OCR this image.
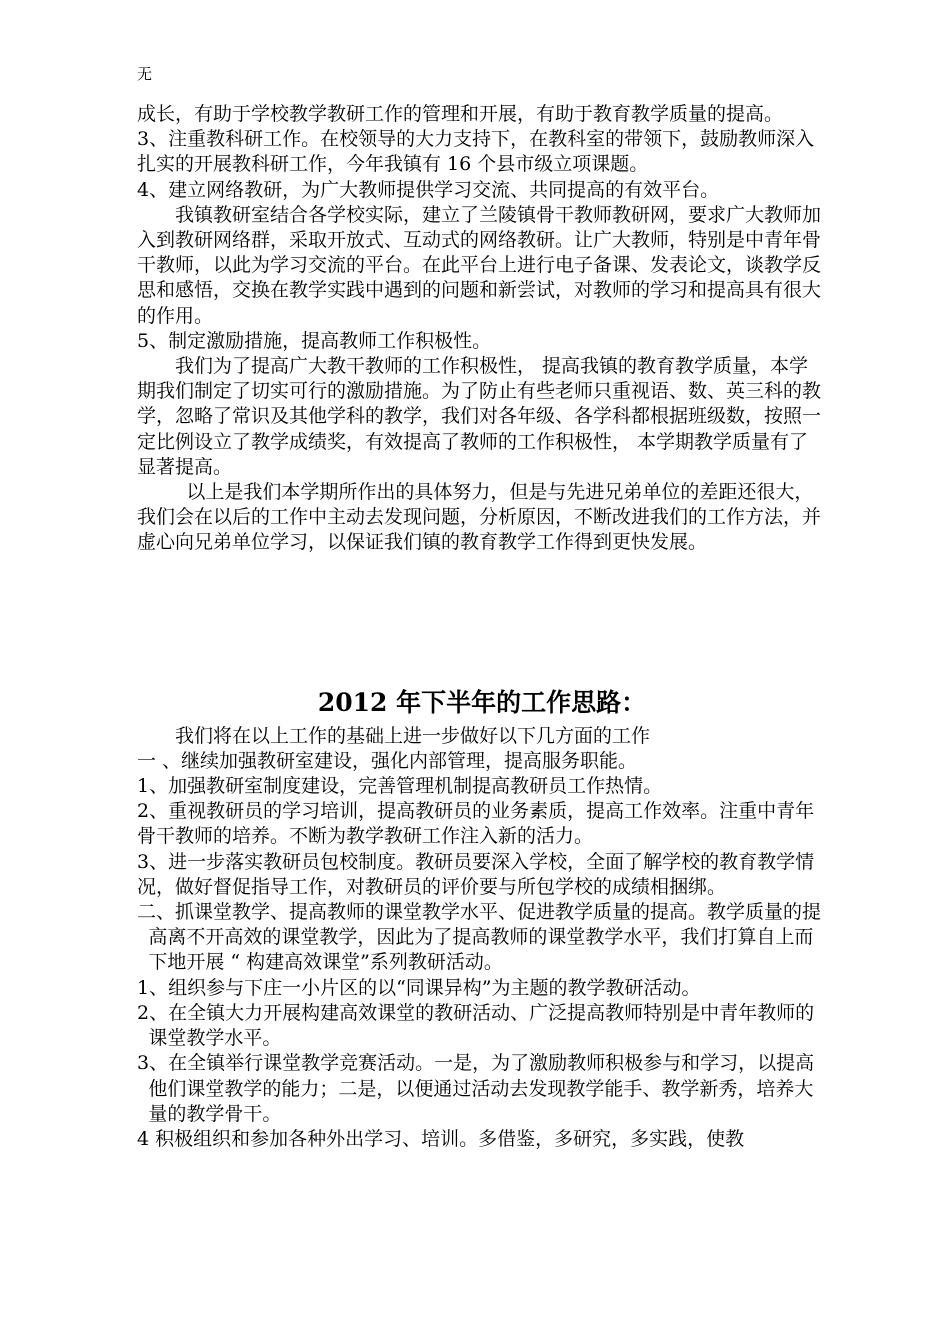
无

成长，有助于学校教学教研工作的管理和开展，有助于教育教学质量的提高。

3、注重教科研工作。在校领导的大力支持下，在教科室的带领下，鼓励教师深入扎实的开展教科研工作，今年我镇有 16 个县市级立项课题。

4、建立网络教研，为广大教师提供学习交流、共同提高的有效平台。

我镇教研室结合各学校实际，建立了兰陵镇骨干教师教研网，要求广大教师加入到教研网络群，采取开放式、互动式的网络教研。让广大教师，特别是中青年骨干教师，以此为学习交流的平台。在此平台上进行电子备课、发表论文，谈教学反思和感悟，交换在教学实践中遇到的问题和新尝试，对教师的学习和提高具有很大的作用。

5、制定激励措施，提高教师工作积极性。

我们为了提高广大教干教师的工作积极性， 提高我镇的教育教学质量，本学期我们制定了切实可行的激励措施。为了防止有些老师只重视语、数、英三科的教学，忽略了常识及其他学科的教学，我们对各年级、各学科都根据班级数，按照一定比例设立了教学成绩奖，有效提高了教师的工作积极性， 本学期教学质量有了显著提高。

以上是我们本学期所作出的具体努力，但是与先进兄弟单位的差距还很大，我们会在以后的工作中主动去发现问题，分析原因，不断改进我们的工作方法，并虚心向兄弟单位学习，以保证我们镇的教育教学工作得到更快发展。

2012 年下半年的工作思路：

我们将在以上工作的基础上进一步做好以下几方面的工作

一 、继续加强教研室建设，强化内部管理，提高服务职能。

1、加强教研室制度建设，完善管理机制提高教研员工作热情。

2、重视教研员的学习培训，提高教研员的业务素质，提高工作效率。注重中青年骨干教师的培养。不断为教学教研工作注入新的活力。

3、进一步落实教研员包校制度。教研员要深入学校，全面了解学校的教育教学情况，做好督促指导工作，对教研员的评价要与所包学校的成绩相捆绑。

二、抓课堂教学、提高教师的课堂教学水平、促进教学质量的提高。教学质量的提高离不开高效的课堂教学，因此为了提高教师的课堂教学水平，我们打算自上而下地开展 “ 构建高效课堂”系列教研活动。

1、组织参与下庄一小片区的以“同课异构”为主题的教学教研活动。

2、在全镇大力开展构建高效课堂的教研活动、广泛提高教师特别是中青年教师的课堂教学水平。

3、在全镇举行课堂教学竞赛活动。一是，为了激励教师积极参与和学习，以提高他们课堂教学的能力；二是，以便通过活动去发现教学能手、教学新秀，培养大量的教学骨干。

4 积极组织和参加各种外出学习、培训。多借鉴，多研究，多实践，使教
